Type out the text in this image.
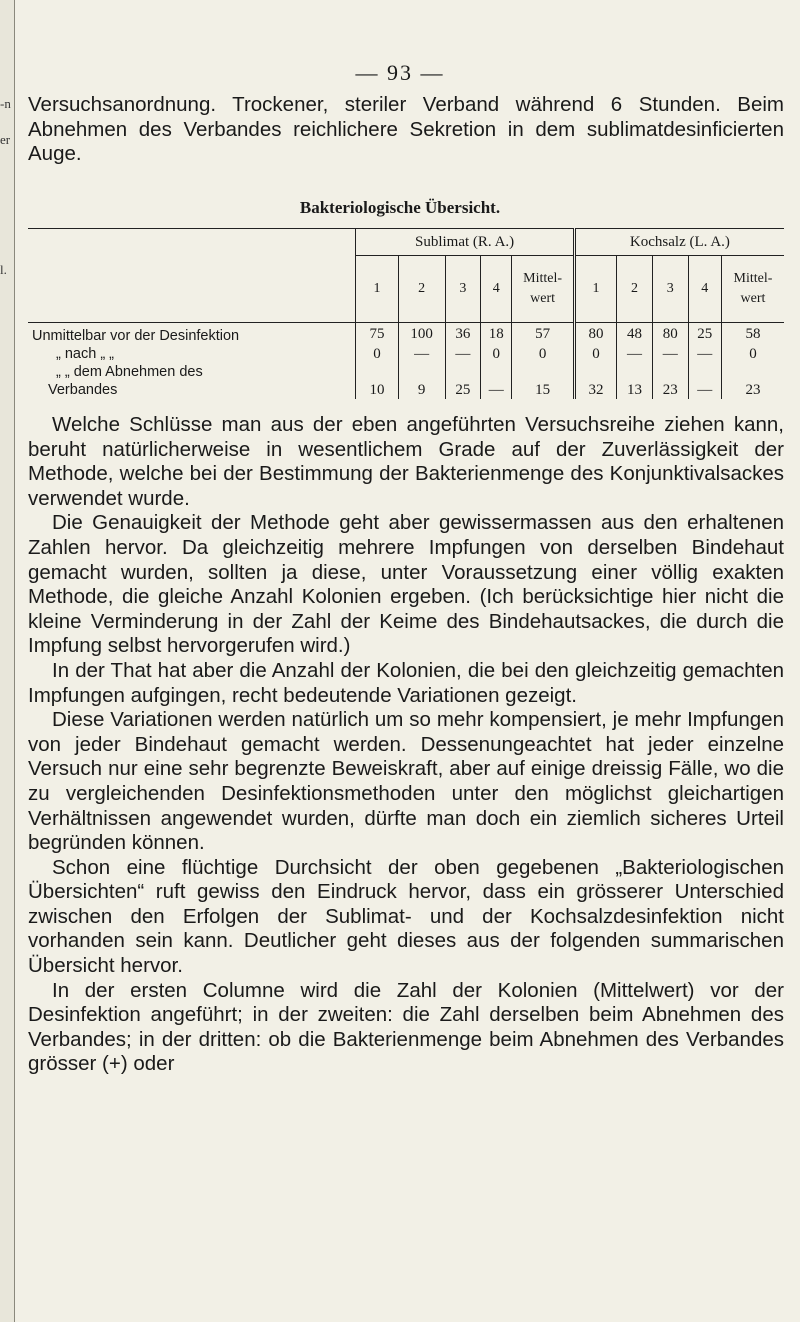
-n
er
l.
— 93 —

Versuchsanordnung. Trockener, steriler Verband während 6 Stunden. Beim Abnehmen des Verbandes reichlichere Sekretion in dem sublimatdesinficierten Auge.

Bakteriologische Übersicht.
	Sublimat (R. A.)					Kochsalz (L. A.)				
	1	2	3	4	Mittel- wert	1	2	3	4	Mittel- wert
Unmittelbar vor der Desinfektion	75	100	36	18	57	80	48	80	25	58
„ nach „ „	0	—	—	0	0	0	—	—	—	0
„ „ dem Abnehmen des										
Verbandes	10	9	25	—	15	32	13	23	—	23

Welche Schlüsse man aus der eben angeführten Versuchsreihe ziehen kann, beruht natürlicherweise in wesentlichem Grade auf der Zuverlässigkeit der Methode, welche bei der Bestimmung der Bakterienmenge des Konjunktivalsackes verwendet wurde.

Die Genauigkeit der Methode geht aber gewissermassen aus den erhaltenen Zahlen hervor. Da gleichzeitig mehrere Impfungen von derselben Bindehaut gemacht wurden, sollten ja diese, unter Voraussetzung einer völlig exakten Methode, die gleiche Anzahl Kolonien ergeben. (Ich berücksichtige hier nicht die kleine Verminderung in der Zahl der Keime des Bindehautsackes, die durch die Impfung selbst hervorgerufen wird.)

In der That hat aber die Anzahl der Kolonien, die bei den gleichzeitig gemachten Impfungen aufgingen, recht bedeutende Variationen gezeigt.

Diese Variationen werden natürlich um so mehr kompensiert, je mehr Impfungen von jeder Bindehaut gemacht werden. Dessenungeachtet hat jeder einzelne Versuch nur eine sehr begrenzte Beweiskraft, aber auf einige dreissig Fälle, wo die zu vergleichenden Desinfektionsmethoden unter den möglichst gleichartigen Verhältnissen angewendet wurden, dürfte man doch ein ziemlich sicheres Urteil begründen können.

Schon eine flüchtige Durchsicht der oben gegebenen „Bakteriologischen Übersichten“ ruft gewiss den Eindruck hervor, dass ein grösserer Unterschied zwischen den Erfolgen der Sublimat- und der Kochsalzdesinfektion nicht vorhanden sein kann. Deutlicher geht dieses aus der folgenden summarischen Übersicht hervor.

In der ersten Columne wird die Zahl der Kolonien (Mittelwert) vor der Desinfektion angeführt; in der zweiten: die Zahl derselben beim Abnehmen des Verbandes; in der dritten: ob die Bakterienmenge beim Abnehmen des Verbandes grösser (+) oder
